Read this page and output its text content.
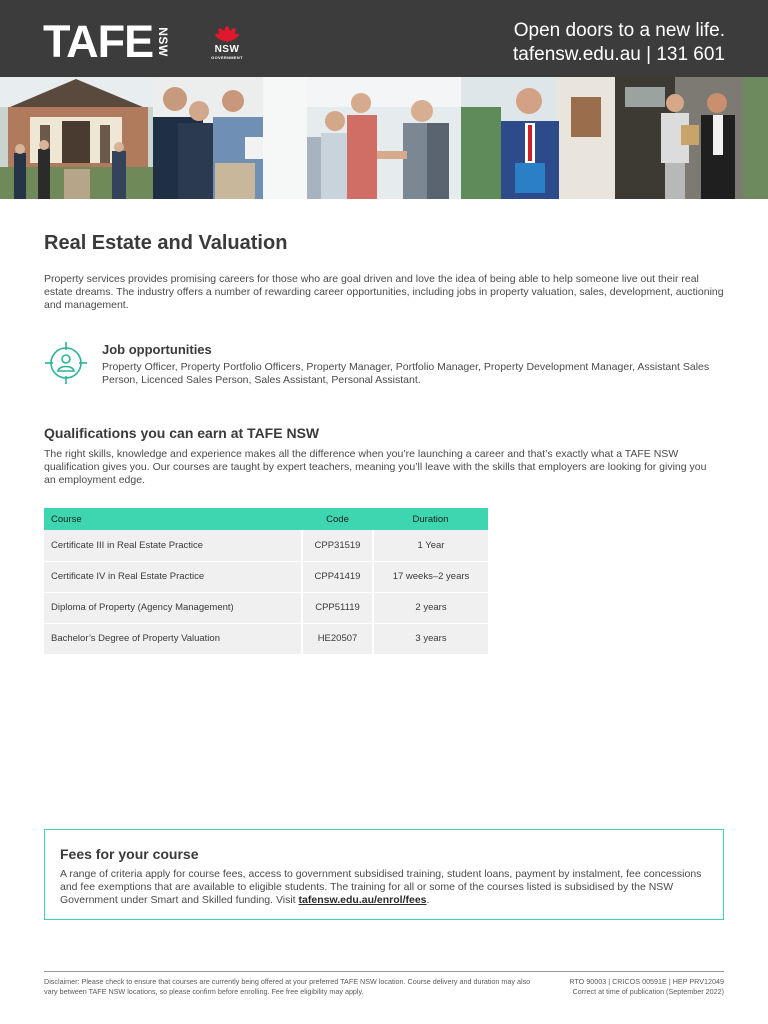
TAFE NSW	NSW
GOVERNMENT
Open doors to a new life.
tafensw.edu.au | 131 601
Real Estate and Valuation

Property services provides promising careers for those who are goal driven and love the idea of being able to help someone live out their real estate dreams. The industry offers a number of rewarding career opportunities, including jobs in property valuation, sales, development, auctioning and management.

Job opportunities

Property Officer, Property Portfolio Officers, Property Manager, Portfolio Manager, Property Development Manager, Assistant Sales Person, Licenced Sales Person, Sales Assistant, Personal Assistant.

Qualifications you can earn at TAFE NSW

The right skills, knowledge and experience makes all the difference when you’re launching a career and that’s exactly what a TAFE NSW qualification gives you. Our courses are taught by expert teachers, meaning you’ll leave with the skills that employers are looking for giving you an employment edge.

Course	Code	Duration
Certificate III in Real Estate Practice	CPP31519	1 Year
Certificate IV in Real Estate Practice	CPP41419	17 weeks–2 years
Diploma of Property (Agency Management)	CPP51119	2 years
Bachelor’s Degree of Property Valuation	HE20507	3 years
Fees for your course

A range of criteria apply for course fees, access to government subsidised training, student loans, payment by instalment, fee concessions and fee exemptions that are available to eligible students. The training for all or some of the courses listed is subsidised by the NSW Government under Smart and Skilled funding. Visit tafensw.edu.au/enrol/fees.

Disclaimer: Please check to ensure that courses are currently being offered at your preferred TAFE NSW location. Course delivery and duration may also vary between TAFE NSW locations, so please confirm before enrolling. Fee free eligibility may apply.

RTO 90003 | CRICOS 00591E | HEP PRV12049
Correct at time of publication (September 2022)
